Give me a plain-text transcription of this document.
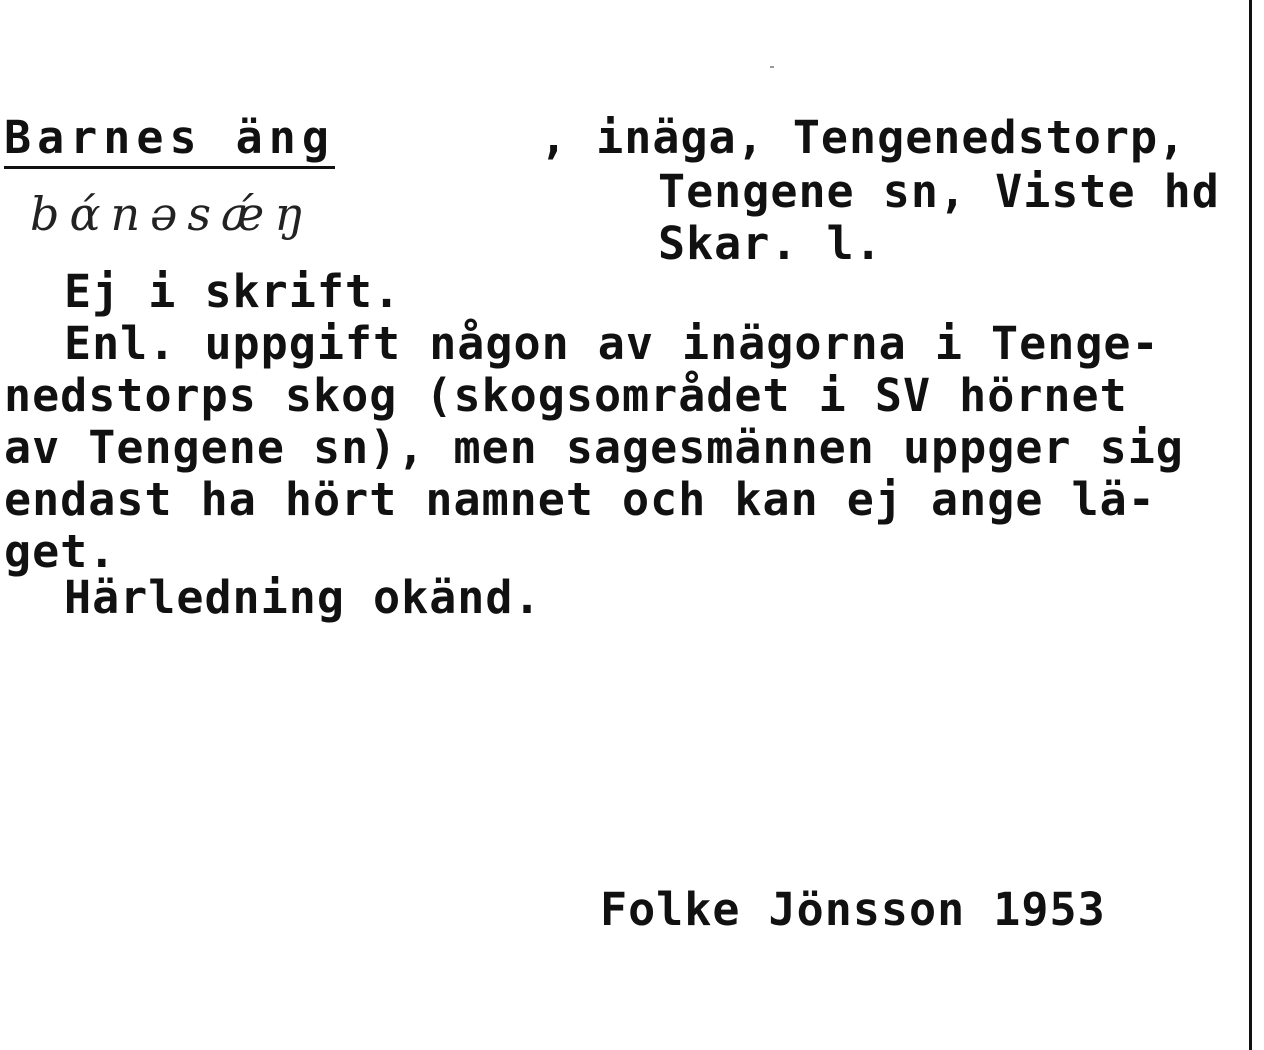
Barnes äng	, inäga, Tengenedstorp,
Tengene sn, Viste hd
Skar. l.
bάnəsǽŋ
Ej i skrift.
Enl. uppgift någon av inägorna i Tenge-
nedstorps skog (skogsområdet i SV hörnet
av Tengene sn), men sagesmännen uppger sig
endast ha hört namnet och kan ej ange lä-
get.
Härledning okänd.
Folke Jönsson 1953
